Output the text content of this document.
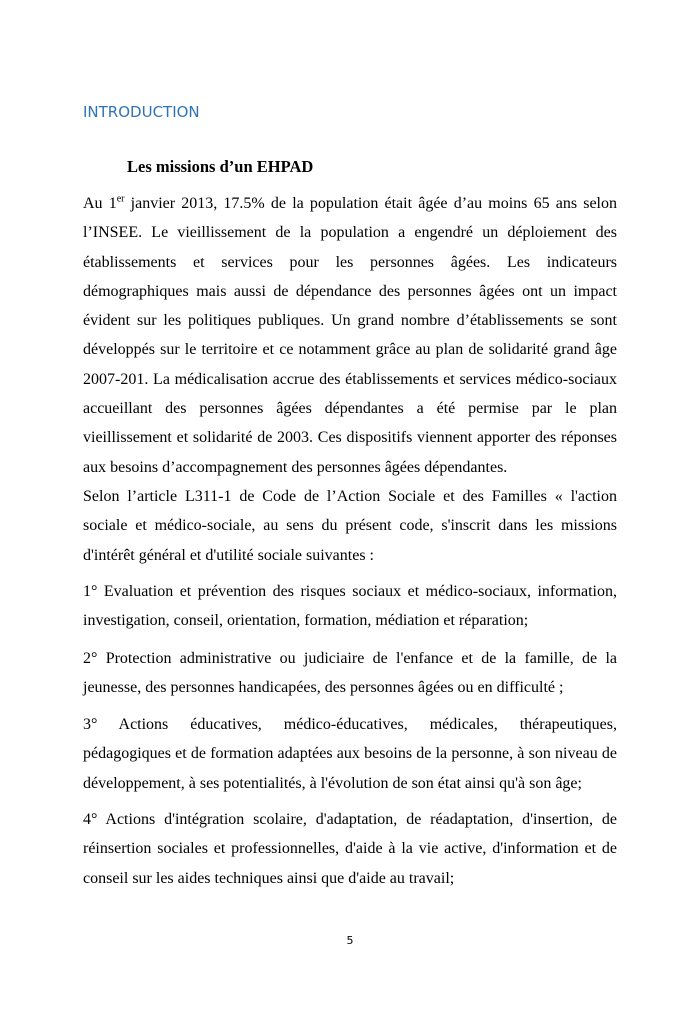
INTRODUCTION
Les missions d’un EHPAD
Au 1er janvier 2013, 17.5% de la population était âgée d’au moins 65 ans selon l’INSEE. Le vieillissement de la population a engendré un déploiement des établissements et services pour les personnes âgées. Les indicateurs démographiques mais aussi de dépendance des personnes âgées ont un impact évident sur les politiques publiques. Un grand nombre d’établissements se sont développés sur le territoire et ce notamment grâce au plan de solidarité grand âge 2007-201. La médicalisation accrue des établissements et services médico-sociaux accueillant des personnes âgées dépendantes a été permise par le plan vieillissement et solidarité de 2003. Ces dispositifs viennent apporter des réponses aux besoins d’accompagnement des personnes âgées dépendantes.
Selon l’article L311-1 de Code de l’Action Sociale et des Familles « l'action sociale et médico-sociale, au sens du présent code, s'inscrit dans les missions d'intérêt général et d'utilité sociale suivantes :
1° Evaluation et prévention des risques sociaux et médico-sociaux, information, investigation, conseil, orientation, formation, médiation et réparation;
2° Protection administrative ou judiciaire de l'enfance et de la famille, de la jeunesse, des personnes handicapées, des personnes âgées ou en difficulté ;
3° Actions éducatives, médico-éducatives, médicales, thérapeutiques, pédagogiques et de formation adaptées aux besoins de la personne, à son niveau de développement, à ses potentialités, à l'évolution de son état ainsi qu'à son âge;
4° Actions d'intégration scolaire, d'adaptation, de réadaptation, d'insertion, de réinsertion sociales et professionnelles, d'aide à la vie active, d'information et de conseil sur les aides techniques ainsi que d'aide au travail;
5
